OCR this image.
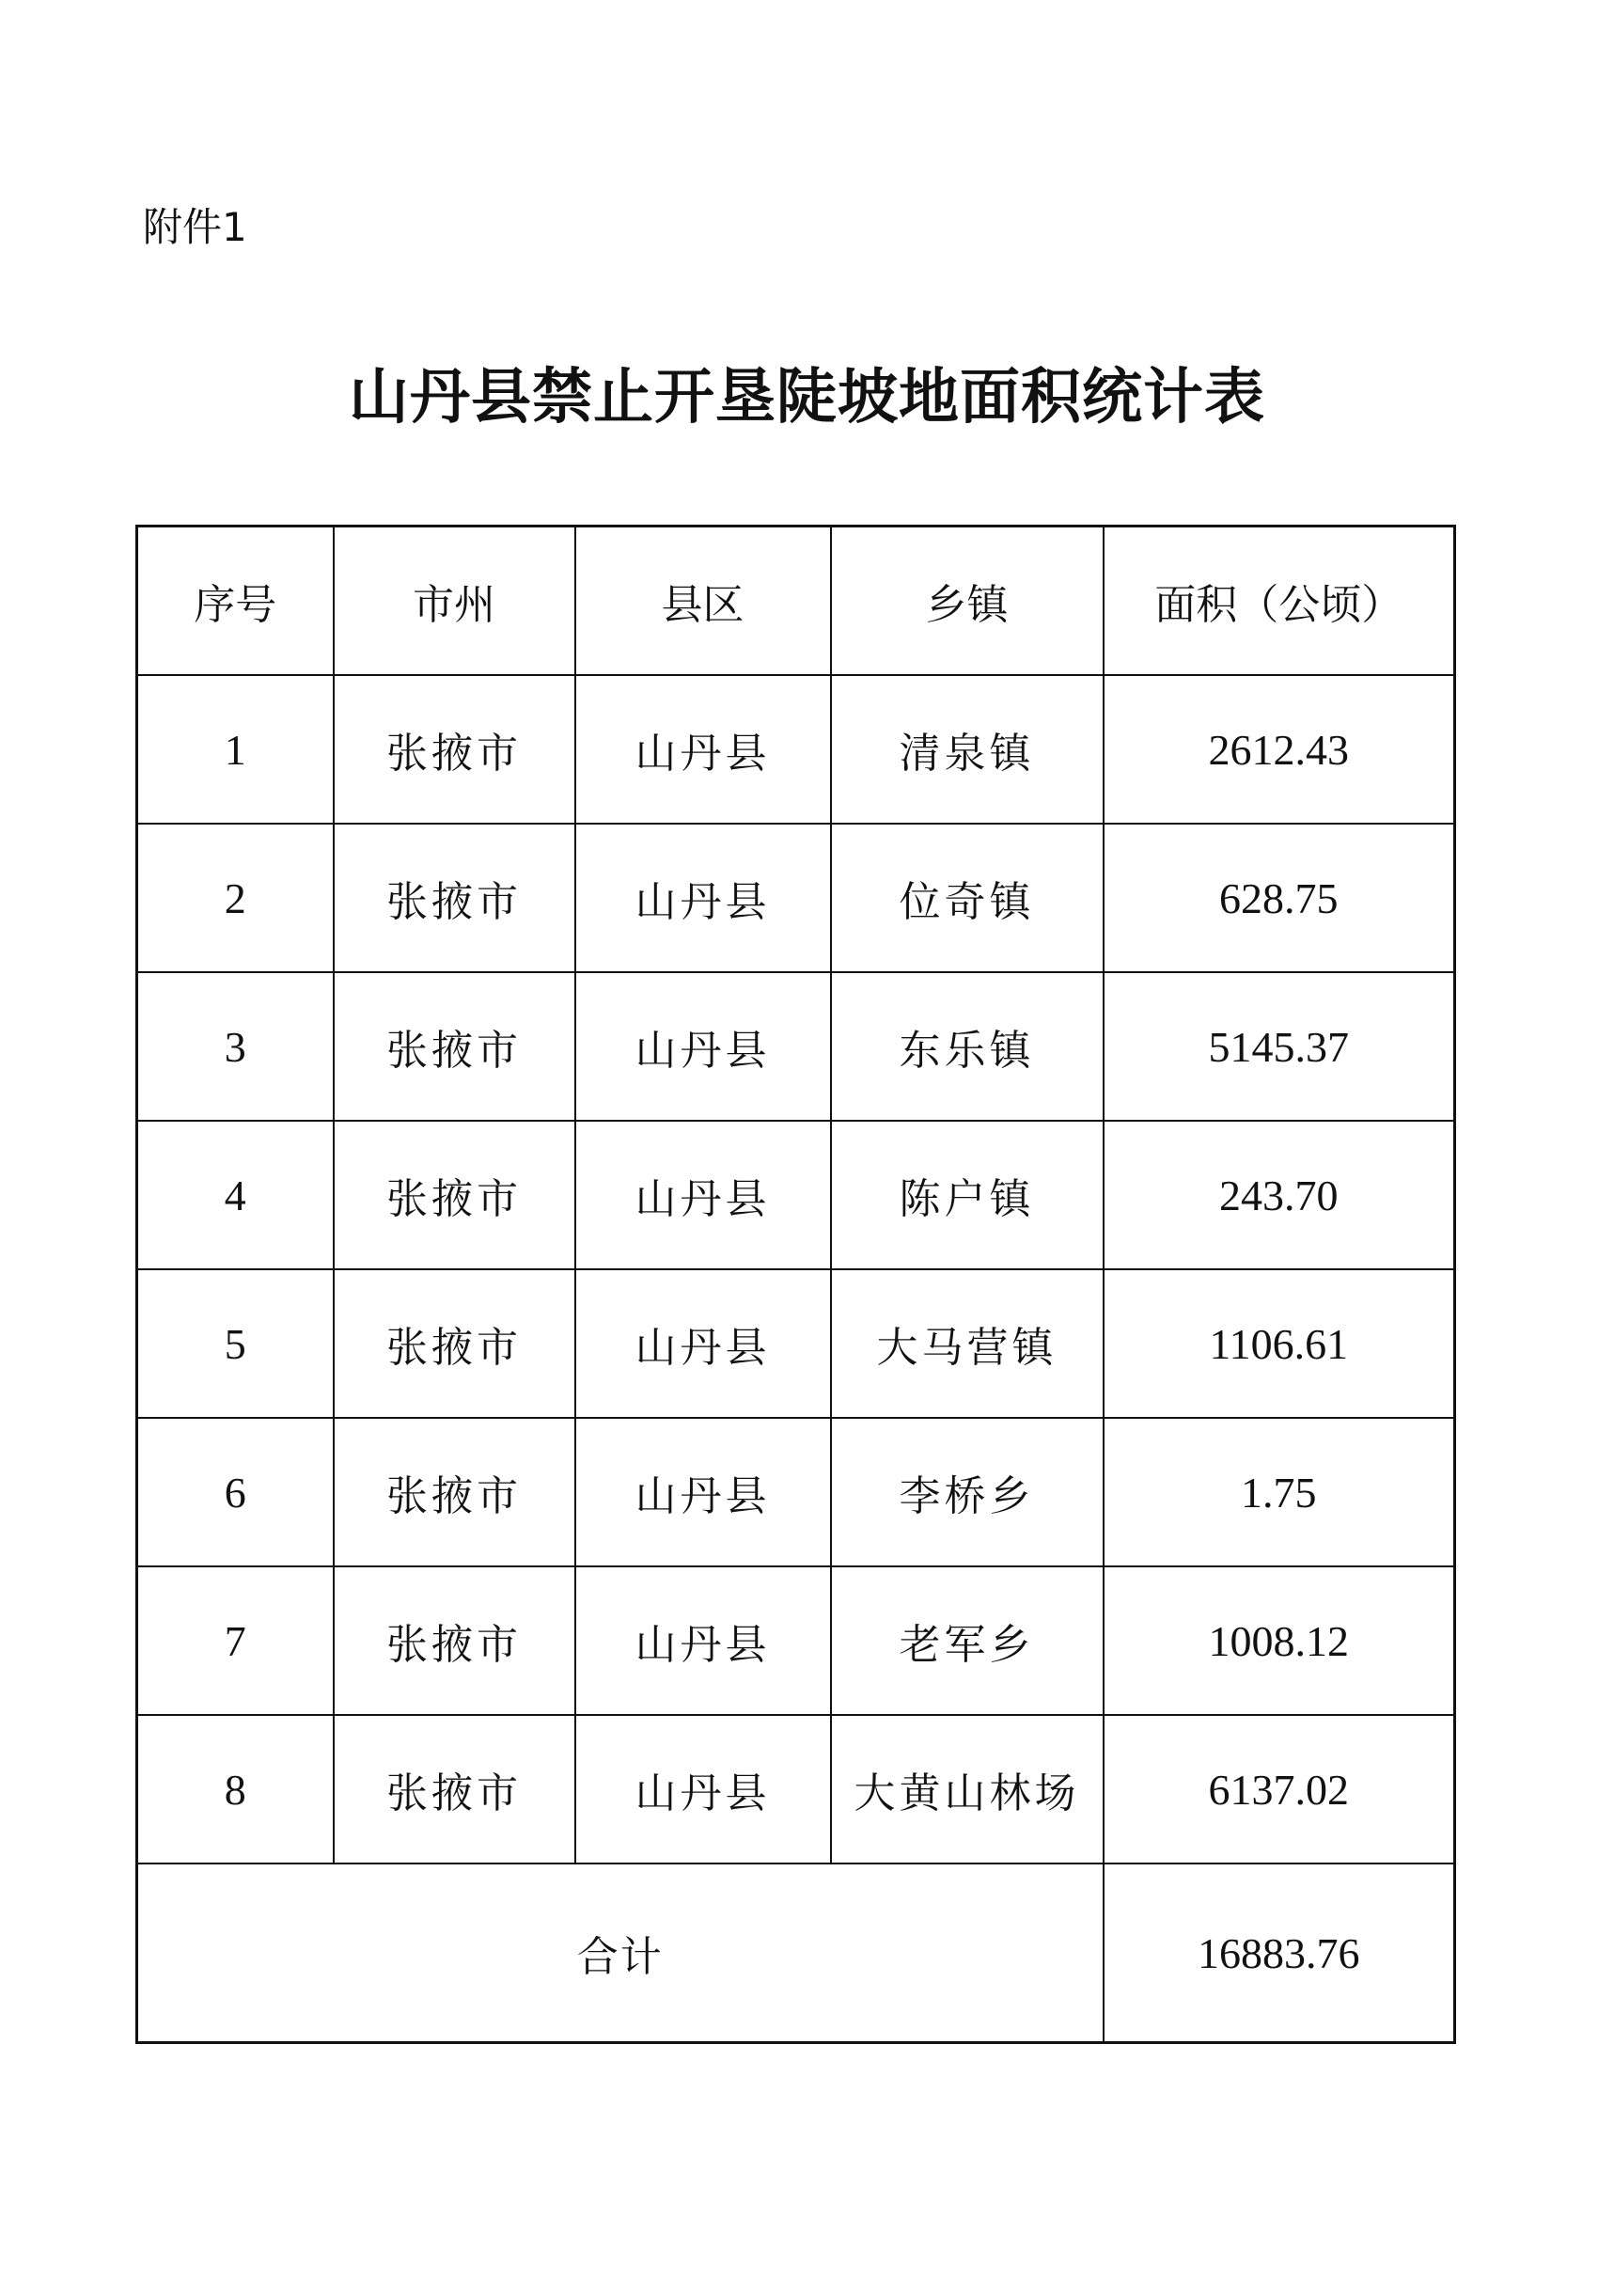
附件1

山丹县禁止开垦陡坡地面积统计表
序号	市州	县区	乡镇	面积（公顷）
1	张掖市	山丹县	清泉镇	2612.43
2	张掖市	山丹县	位奇镇	628.75
3	张掖市	山丹县	东乐镇	5145.37
4	张掖市	山丹县	陈户镇	243.70
5	张掖市	山丹县	大马营镇	1106.61
6	张掖市	山丹县	李桥乡	1.75
7	张掖市	山丹县	老军乡	1008.12
8	张掖市	山丹县	大黄山林场	6137.02
合计				16883.76
